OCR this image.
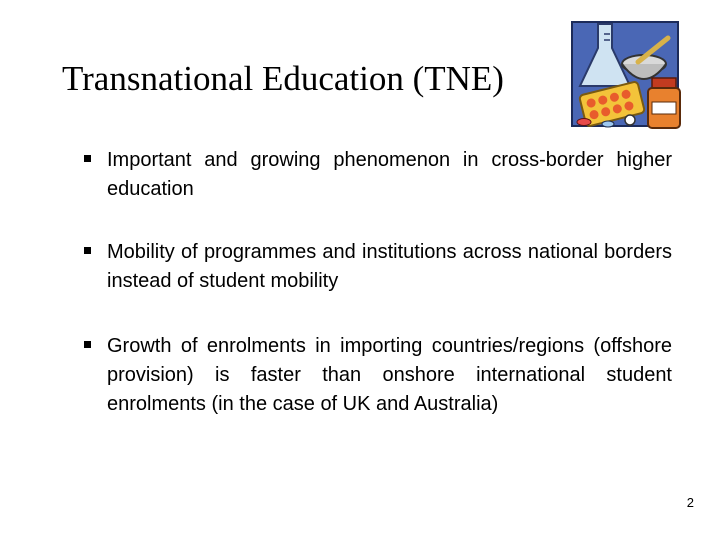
Transnational Education (TNE)
Important and growing phenomenon in cross-border higher education
Mobility of programmes and institutions across national borders instead of student mobility
Growth of enrolments in importing countries/regions (offshore provision) is faster than onshore international student enrolments (in the case of UK and Australia)
2
